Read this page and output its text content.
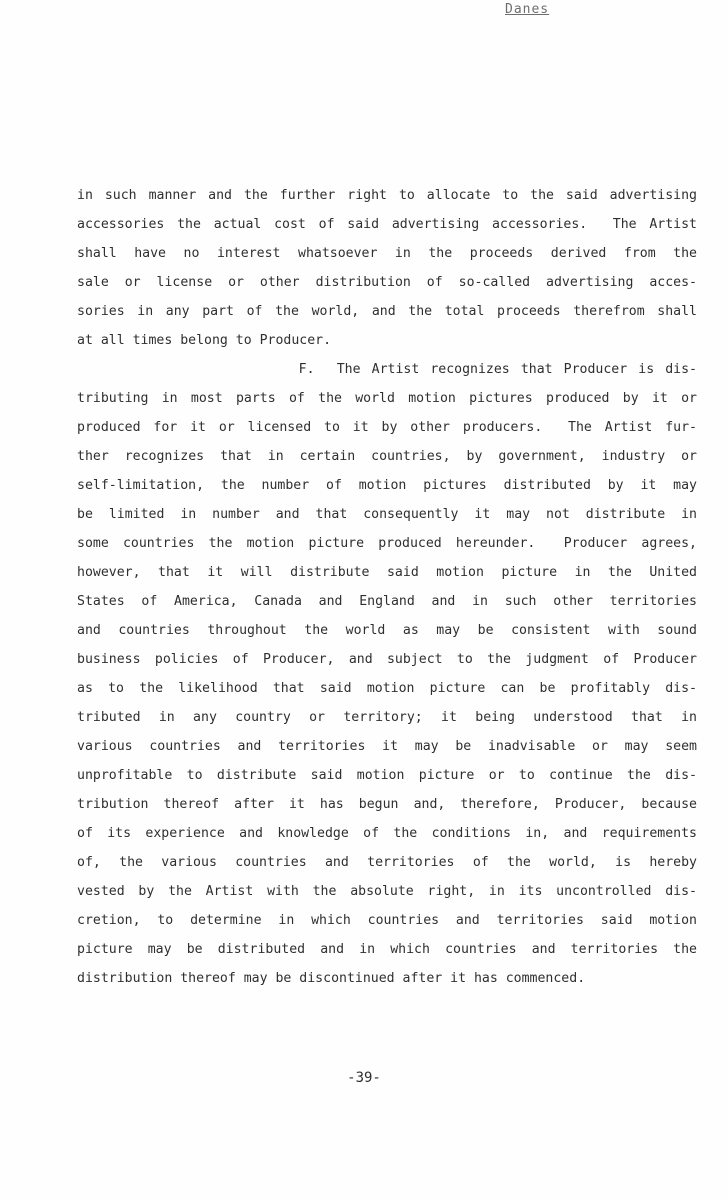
Danes
in such manner and the further right to allocate to the said advertising
accessories the actual cost of said advertising accessories.  The Artist
shall have no interest whatsoever in the proceeds derived from the
sale or license or other distribution of so-called advertising acces-
sories in any part of the world, and the total proceeds therefrom shall
at all times belong to Producer.
F.  The Artist recognizes that Producer is dis-
tributing in most parts of the world motion pictures produced by it or
produced for it or licensed to it by other producers.  The Artist fur-
ther recognizes that in certain countries, by government, industry or
self-limitation, the number of motion pictures distributed by it may
be limited in number and that consequently it may not distribute in
some countries the motion picture produced hereunder.  Producer agrees,
however, that it will distribute said motion picture in the United
States of America, Canada and England and in such other territories
and countries throughout the world as may be consistent with sound
business policies of Producer, and subject to the judgment of Producer
as to the likelihood that said motion picture can be profitably dis-
tributed in any country or territory; it being understood that in
various countries and territories it may be inadvisable or may seem
unprofitable to distribute said motion picture or to continue the dis-
tribution thereof after it has begun and, therefore, Producer, because
of its experience and knowledge of the conditions in, and requirements
of, the various countries and territories of the world, is hereby
vested by the Artist with the absolute right, in its uncontrolled dis-
cretion, to determine in which countries and territories said motion
picture may be distributed and in which countries and territories the
distribution thereof may be discontinued after it has commenced.
-39-
